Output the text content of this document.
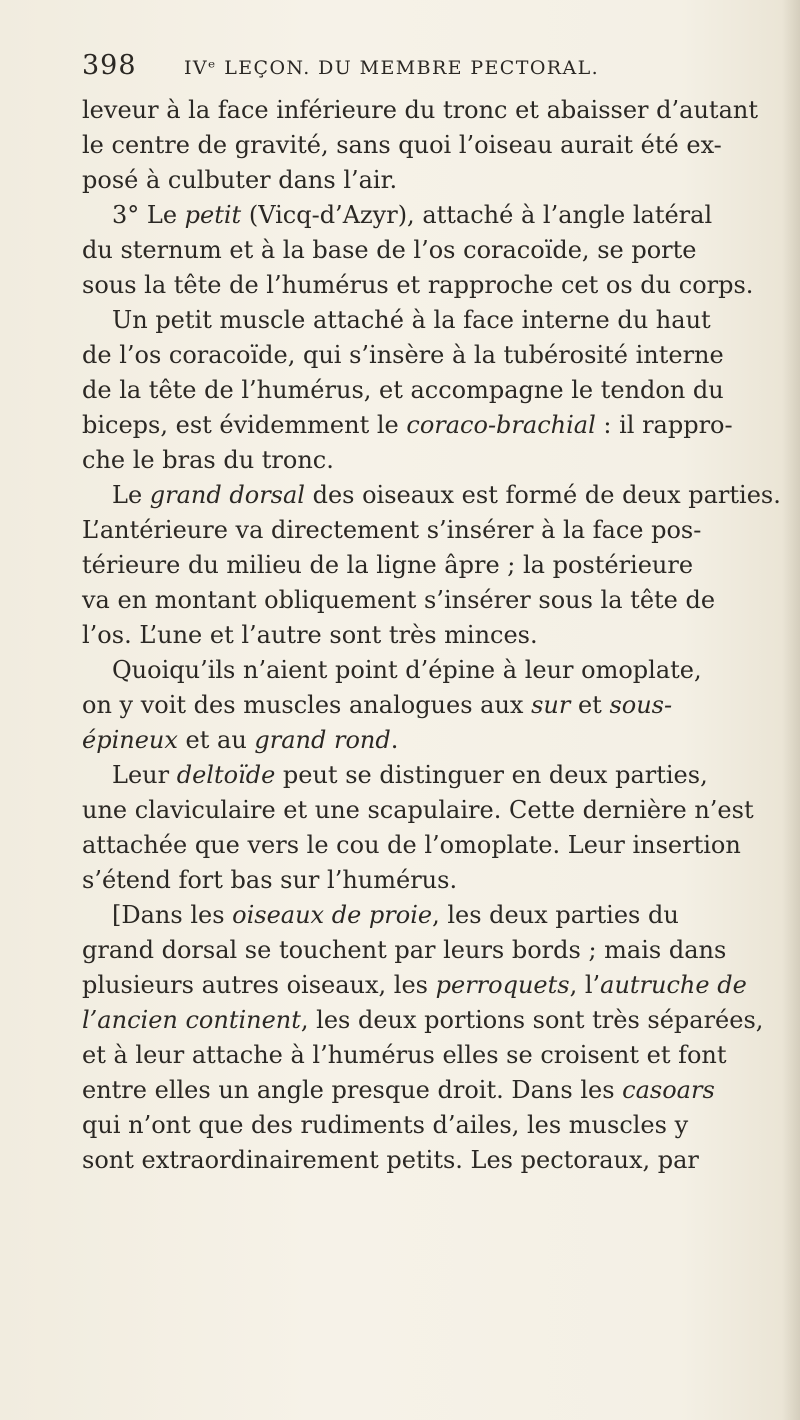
398 IVᵉ LEÇON. DU MEMBRE PECTORAL.
leveur à la face inférieure du tronc et abaisser d’autant
le centre de gravité, sans quoi l’oiseau aurait été ex-
posé à culbuter dans l’air.
3° Le petit (Vicq-d’Azyr), attaché à l’angle latéral
du sternum et à la base de l’os coracoïde, se porte
sous la tête de l’humérus et rapproche cet os du corps.
Un petit muscle attaché à la face interne du haut
de l’os coracoïde, qui s’insère à la tubérosité interne
de la tête de l’humérus, et accompagne le tendon du
biceps, est évidemment le coraco-brachial : il rappro-
che le bras du tronc.
Le grand dorsal des oiseaux est formé de deux parties.
L’antérieure va directement s’insérer à la face pos-
térieure du milieu de la ligne âpre ; la postérieure
va en montant obliquement s’insérer sous la tête de
l’os. L’une et l’autre sont très minces.
Quoiqu’ils n’aient point d’épine à leur omoplate,
on y voit des muscles analogues aux sur et sous-
épineux et au grand rond.
Leur deltoïde peut se distinguer en deux parties,
une claviculaire et une scapulaire. Cette dernière n’est
attachée que vers le cou de l’omoplate. Leur insertion
s’étend fort bas sur l’humérus.
[Dans les oiseaux de proie, les deux parties du
grand dorsal se touchent par leurs bords ; mais dans
plusieurs autres oiseaux, les perroquets, l’autruche de
l’ancien continent, les deux portions sont très séparées,
et à leur attache à l’humérus elles se croisent et font
entre elles un angle presque droit. Dans les casoars
qui n’ont que des rudiments d’ailes, les muscles y
sont extraordinairement petits. Les pectoraux, par
